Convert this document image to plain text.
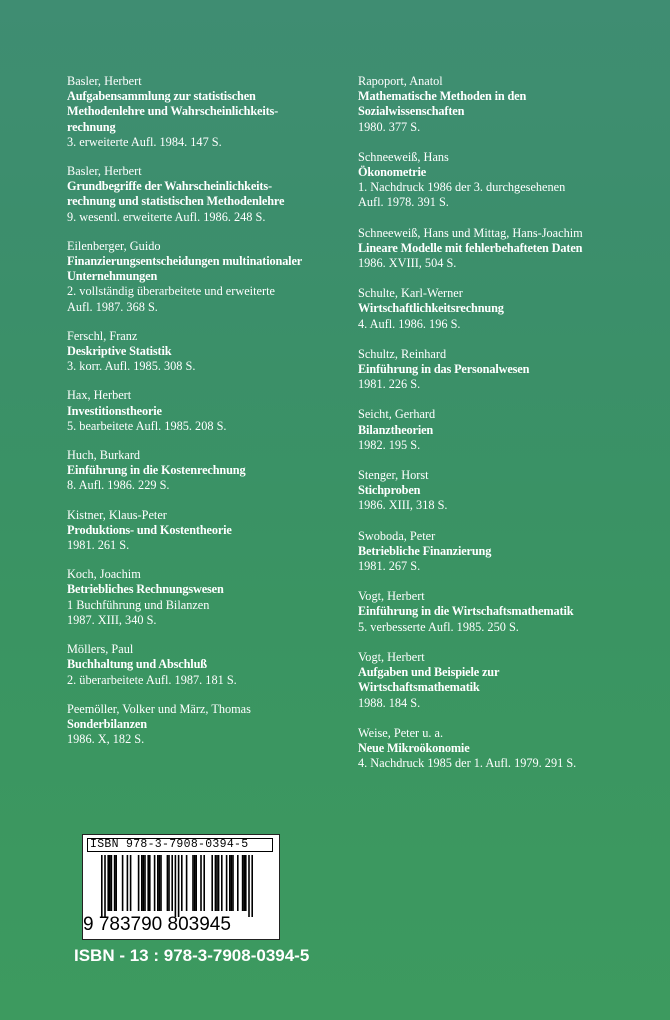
Basler, Herbert
Aufgabensammlung zur statistischen
Methodenlehre und Wahrscheinlichkeits-
rechnung
3. erweiterte Aufl. 1984. 147 S.
Basler, Herbert
Grundbegriffe der Wahrscheinlichkeits-
rechnung und statistischen Methodenlehre
9. wesentl. erweiterte Aufl. 1986. 248 S.
Eilenberger, Guido
Finanzierungsentscheidungen multinationaler
Unternehmungen
2. vollständig überarbeitete und erweiterte
Aufl. 1987. 368 S.
Ferschl, Franz
Deskriptive Statistik
3. korr. Aufl. 1985. 308 S.
Hax, Herbert
Investitionstheorie
5. bearbeitete Aufl. 1985. 208 S.
Huch, Burkard
Einführung in die Kostenrechnung
8. Aufl. 1986. 229 S.
Kistner, Klaus-Peter
Produktions- und Kostentheorie
1981. 261 S.
Koch, Joachim
Betriebliches Rechnungswesen
1 Buchführung und Bilanzen
1987. XIII, 340 S.
Möllers, Paul
Buchhaltung und Abschluß
2. überarbeitete Aufl. 1987. 181 S.
Peemöller, Volker und März, Thomas
Sonderbilanzen
1986. X, 182 S.
Rapoport, Anatol
Mathematische Methoden in den
Sozialwissenschaften
1980. 377 S.
Schneeweiß, Hans
Ökonometrie
1. Nachdruck 1986 der 3. durchgesehenen
Aufl. 1978. 391 S.
Schneeweiß, Hans und Mittag, Hans-Joachim
Lineare Modelle mit fehlerbehafteten Daten
1986. XVIII, 504 S.
Schulte, Karl-Werner
Wirtschaftlichkeitsrechnung
4. Aufl. 1986. 196 S.
Schultz, Reinhard
Einführung in das Personalwesen
1981. 226 S.
Seicht, Gerhard
Bilanztheorien
1982. 195 S.
Stenger, Horst
Stichproben
1986. XIII, 318 S.
Swoboda, Peter
Betriebliche Finanzierung
1981. 267 S.
Vogt, Herbert
Einführung in die Wirtschaftsmathematik
5. verbesserte Aufl. 1985. 250 S.
Vogt, Herbert
Aufgaben und Beispiele zur
Wirtschaftsmathematik
1988. 184 S.
Weise, Peter u. a.
Neue Mikroökonomie
4. Nachdruck 1985 der 1. Aufl. 1979. 291 S.
ISBN 978-3-7908-0394-5
9 783790 803945
ISBN - 13 : 978-3-7908-0394-5
